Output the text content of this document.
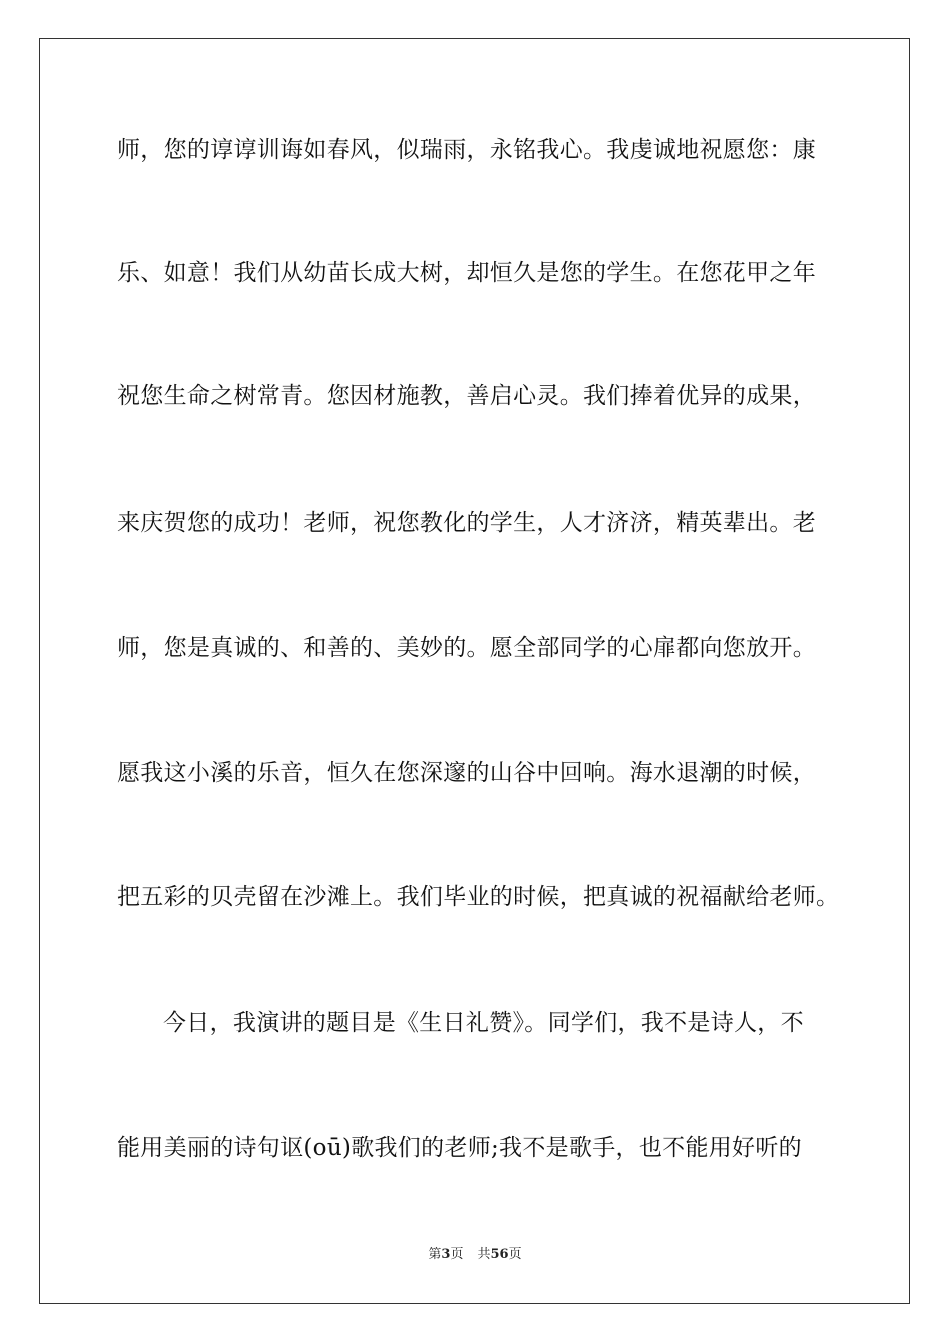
师，您的谆谆训诲如春风，似瑞雨，永铭我心。我虔诚地祝愿您：康
乐、如意！我们从幼苗长成大树，却恒久是您的学生。在您花甲之年
祝您生命之树常青。您因材施教，善启心灵。我们捧着优异的成果，
来庆贺您的成功！老师，祝您教化的学生，人才济济，精英辈出。老
师，您是真诚的、和善的、美妙的。愿全部同学的心扉都向您放开。
愿我这小溪的乐音，恒久在您深邃的山谷中回响。海水退潮的时候，
把五彩的贝壳留在沙滩上。我们毕业的时候，把真诚的祝福献给老师。
今日，我演讲的题目是《生日礼赞》。同学们，我不是诗人，不
能用美丽的诗句讴(oū)歌我们的老师;我不是歌手，也不能用好听的
第3页 共56页
